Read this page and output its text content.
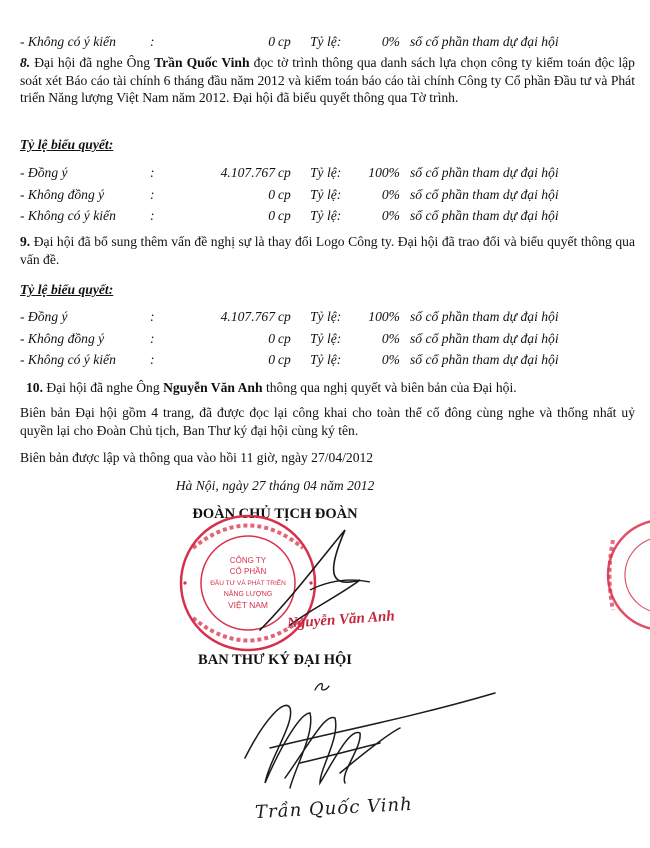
- Không có ý kiến	:	0 cp Tỷ lệ:	0% số cổ phần tham dự đại hội
8. Đại hội đã nghe Ông Trần Quốc Vinh đọc tờ trình thông qua danh sách lựa chọn công ty kiểm toán độc lập soát xét Báo cáo tài chính 6 tháng đầu năm 2012 và kiểm toán báo cáo tài chính Công ty Cổ phần Đầu tư và Phát triển Năng lượng Việt Nam năm 2012. Đại hội đã biểu quyết thông qua Tờ trình.
Tỷ lệ biểu quyết:
- Đồng ý	:	4.107.767 cp Tỷ lệ:	100% số cổ phần tham dự đại hội
- Không đồng ý	:	0 cp Tỷ lệ:	0% số cổ phần tham dự đại hội
- Không có ý kiến	:	0 cp Tỷ lệ:	0% số cổ phần tham dự đại hội
9. Đại hội đã bổ sung thêm vấn đề nghị sự là thay đổi Logo Công ty. Đại hội đã trao đổi và biểu quyết thông qua vấn đề.
Tỷ lệ biểu quyết:
- Đồng ý	:	4.107.767 cp Tỷ lệ:	100% số cổ phần tham dự đại hội
- Không đồng ý	:	0 cp Tỷ lệ:	0% số cổ phần tham dự đại hội
- Không có ý kiến	:	0 cp Tỷ lệ:	0% số cổ phần tham dự đại hội
10. Đại hội đã nghe Ông Nguyễn Văn Anh thông qua nghị quyết và biên bản của Đại hội.
Biên bản Đại hội gồm 4 trang, đã được đọc lại công khai cho toàn thể cổ đông cùng nghe và thống nhất uỷ quyền lại cho Đoàn Chủ tịch, Ban Thư ký đại hội cùng ký tên.
Biên bản được lập và thông qua vào hồi 11 giờ, ngày 27/04/2012
Hà Nội, ngày 27 tháng 04 năm 2012
ĐOÀN CHỦ TỊCH ĐOÀN
CÔNG TY
CỔ PHẦN
ĐẦU TƯ VÀ PHÁT TRIỂN
NĂNG LƯỢNG
VIỆT NAM
Nguyễn Văn Anh
BAN THƯ KÝ ĐẠI HỘI
Trần Quốc Vinh
